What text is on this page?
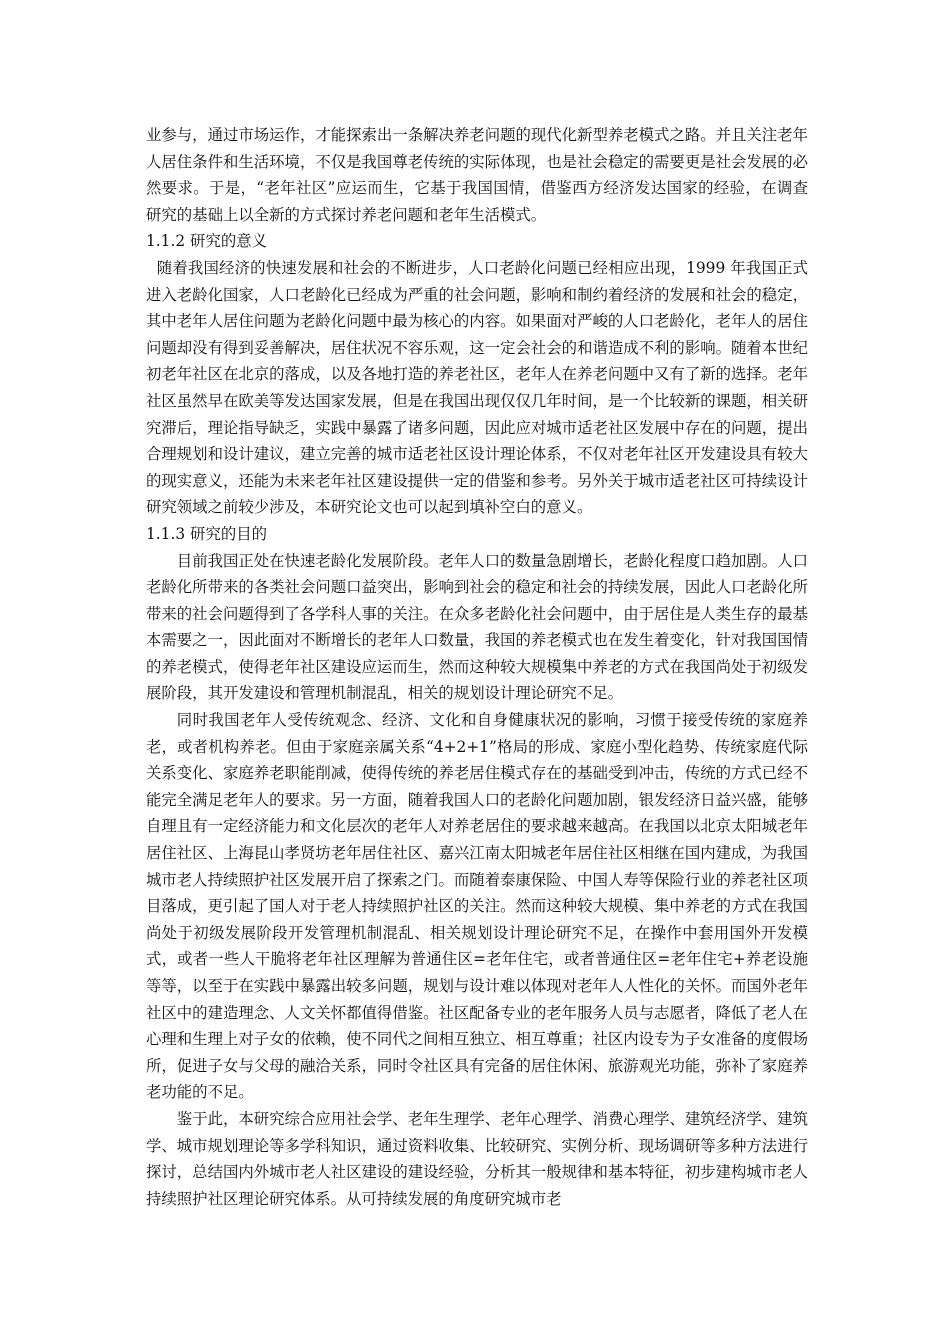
业参与，通过市场运作，才能探索出一条解决养老问题的现代化新型养老模式之路。并且关注老年人居住条件和生活环境，不仅是我国尊老传统的实际体现，也是社会稳定的需要更是社会发展的必然要求。于是，“老年社区”应运而生，它基于我国国情，借鉴西方经济发达国家的经验，在调查研究的基础上以全新的方式探讨养老问题和老年生活模式。

1.1.2 研究的意义

随着我国经济的快速发展和社会的不断进步，人口老龄化问题已经相应出现，1999 年我国正式进入老龄化国家，人口老龄化已经成为严重的社会问题，影响和制约着经济的发展和社会的稳定，其中老年人居住问题为老龄化问题中最为核心的内容。如果面对严峻的人口老龄化，老年人的居住问题却没有得到妥善解决，居住状况不容乐观，这一定会社会的和谐造成不利的影响。随着本世纪初老年社区在北京的落成，以及各地打造的养老社区，老年人在养老问题中又有了新的选择。老年社区虽然早在欧美等发达国家发展，但是在我国出现仅仅几年时间，是一个比较新的课题，相关研究滞后，理论指导缺乏，实践中暴露了诸多问题，因此应对城市适老社区发展中存在的问题，提出合理规划和设计建议，建立完善的城市适老社区设计理论体系，不仅对老年社区开发建设具有较大的现实意义，还能为未来老年社区建设提供一定的借鉴和参考。另外关于城市适老社区可持续设计研究领域之前较少涉及，本研究论文也可以起到填补空白的意义。

1.1.3 研究的目的

目前我国正处在快速老龄化发展阶段。老年人口的数量急剧增长，老龄化程度口趋加剧。人口老龄化所带来的各类社会问题口益突出，影响到社会的稳定和社会的持续发展，因此人口老龄化所带来的社会问题得到了各学科人事的关注。在众多老龄化社会问题中，由于居住是人类生存的最基本需要之一，因此面对不断增长的老年人口数量，我国的养老模式也在发生着变化，针对我国国情的养老模式，使得老年社区建设应运而生，然而这种较大规模集中养老的方式在我国尚处于初级发展阶段，其开发建设和管理机制混乱，相关的规划设计理论研究不足。

同时我国老年人受传统观念、经济、文化和自身健康状况的影响，习惯于接受传统的家庭养老，或者机构养老。但由于家庭亲属关系“4+2+1”格局的形成、家庭小型化趋势、传统家庭代际关系变化、家庭养老职能削减，使得传统的养老居住模式存在的基础受到冲击，传统的方式已经不能完全满足老年人的要求。另一方面，随着我国人口的老龄化问题加剧，银发经济日益兴盛，能够自理且有一定经济能力和文化层次的老年人对养老居住的要求越来越高。在我国以北京太阳城老年居住社区、上海昆山孝贤坊老年居住社区、嘉兴江南太阳城老年居住社区相继在国内建成，为我国城市老人持续照护社区发展开启了探索之门。而随着泰康保险、中国人寿等保险行业的养老社区项目落成，更引起了国人对于老人持续照护社区的关注。然而这种较大规模、集中养老的方式在我国尚处于初级发展阶段开发管理机制混乱、相关规划设计理论研究不足，在操作中套用国外开发模式，或者一些人干脆将老年社区理解为普通住区=老年住宅，或者普通住区=老年住宅+养老设施等等，以至于在实践中暴露出较多问题，规划与设计难以体现对老年人人性化的关怀。而国外老年社区中的建造理念、人文关怀都值得借鉴。社区配备专业的老年服务人员与志愿者，降低了老人在心理和生理上对子女的依赖，使不同代之间相互独立、相互尊重；社区内设专为子女准备的度假场所，促进子女与父母的融洽关系，同时令社区具有完备的居住休闲、旅游观光功能，弥补了家庭养老功能的不足。

鉴于此，本研究综合应用社会学、老年生理学、老年心理学、消费心理学、建筑经济学、建筑学、城市规划理论等多学科知识，通过资料收集、比较研究、实例分析、现场调研等多种方法进行探讨，总结国内外城市老人社区建设的建设经验，分析其一般规律和基本特征，初步建构城市老人持续照护社区理论研究体系。从可持续发展的角度研究城市老
